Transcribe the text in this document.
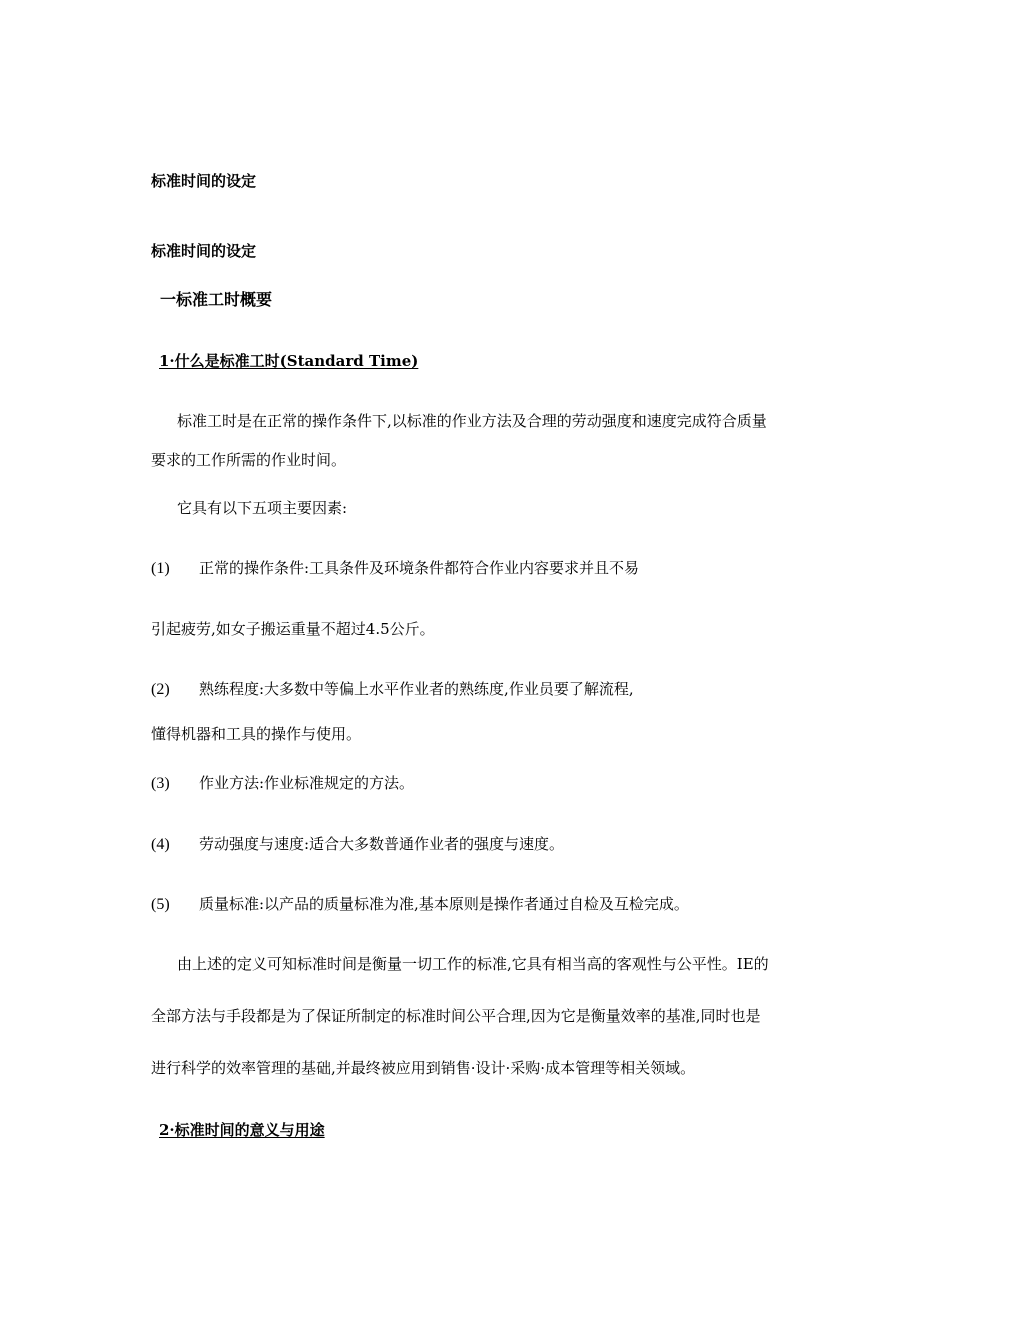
标准时间的设定
标准时间的设定
一标准工时概要
1·什么是标准工时(Standard Time)
标准工时是在正常的操作条件下,以标准的作业方法及合理的劳动强度和速度完成符合质量
要求的工作所需的作业时间。
它具有以下五项主要因素:
(1) 正常的操作条件:工具条件及环境条件都符合作业内容要求并且不易
引起疲劳,如女子搬运重量不超过4.5公斤。
(2) 熟练程度:大多数中等偏上水平作业者的熟练度,作业员要了解流程,
懂得机器和工具的操作与使用。
(3) 作业方法:作业标准规定的方法。
(4) 劳动强度与速度:适合大多数普通作业者的强度与速度。
(5) 质量标准:以产品的质量标准为准,基本原则是操作者通过自检及互检完成。
由上述的定义可知标准时间是衡量一切工作的标准,它具有相当高的客观性与公平性。IE的
全部方法与手段都是为了保证所制定的标准时间公平合理,因为它是衡量效率的基准,同时也是
进行科学的效率管理的基础,并最终被应用到销售·设计·采购·成本管理等相关领域。
2·标准时间的意义与用途
